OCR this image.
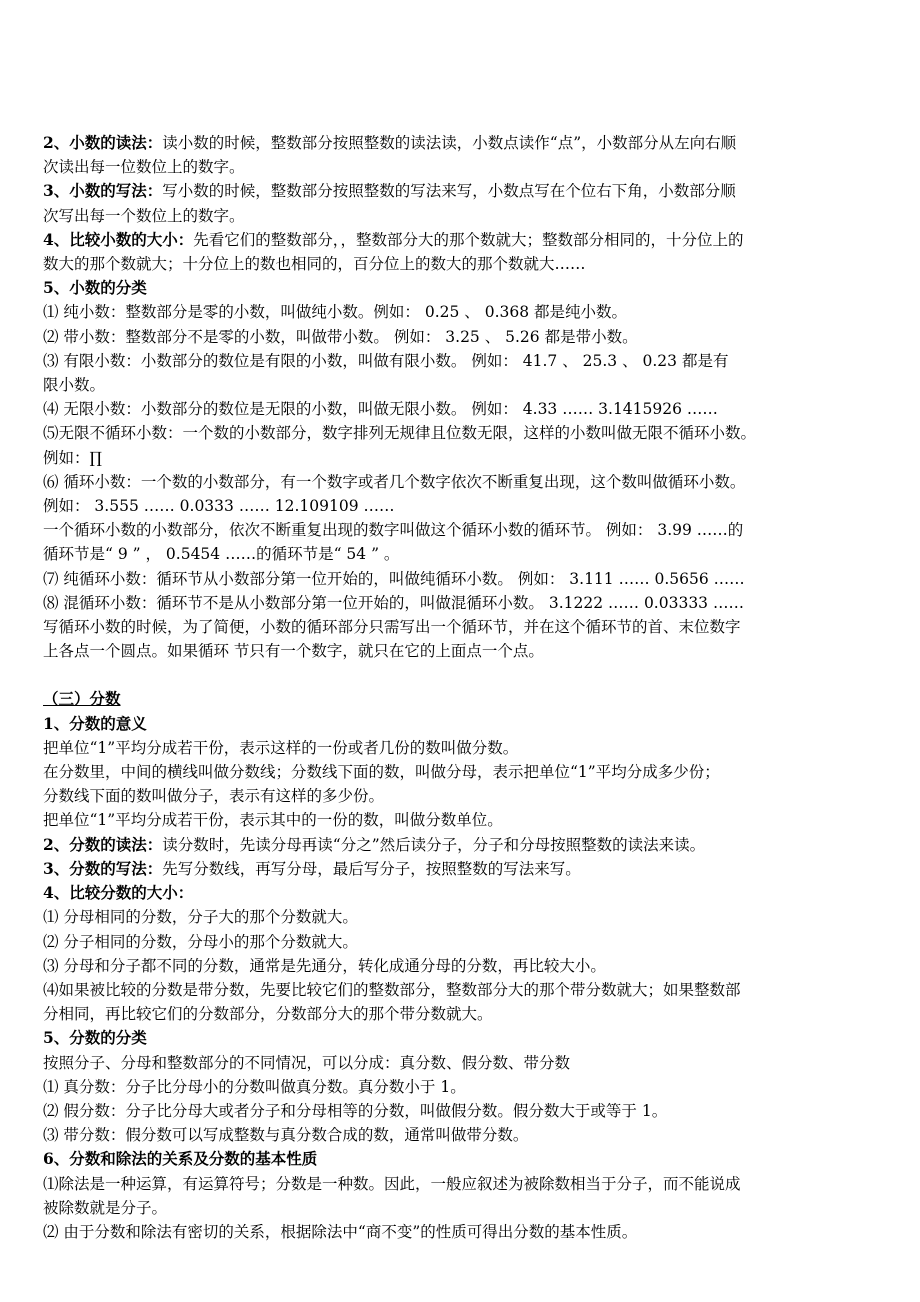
2、小数的读法：读小数的时候，整数部分按照整数的读法读，小数点读作“点”，小数部分从左向右顺
次读出每一位数位上的数字。
3、小数的写法：写小数的时候，整数部分按照整数的写法来写，小数点写在个位右下角，小数部分顺
次写出每一个数位上的数字。
4、比较小数的大小：先看它们的整数部分，，整数部分大的那个数就大；整数部分相同的，十分位上的
数大的那个数就大；十分位上的数也相同的，百分位上的数大的那个数就大……
5、小数的分类
⑴ 纯小数：整数部分是零的小数，叫做纯小数。例如： 0.25 、 0.368 都是纯小数。
⑵ 带小数：整数部分不是零的小数，叫做带小数。 例如： 3.25 、 5.26 都是带小数。
⑶ 有限小数：小数部分的数位是有限的小数，叫做有限小数。 例如： 41.7 、 25.3 、 0.23 都是有
限小数。
⑷ 无限小数：小数部分的数位是无限的小数，叫做无限小数。 例如： 4.33 …… 3.1415926 ……
⑸无限不循环小数：一个数的小数部分，数字排列无规律且位数无限，这样的小数叫做无限不循环小数。
例如：∏
⑹ 循环小数：一个数的小数部分，有一个数字或者几个数字依次不断重复出现，这个数叫做循环小数。
例如： 3.555 …… 0.0333 …… 12.109109 ……
一个循环小数的小数部分，依次不断重复出现的数字叫做这个循环小数的循环节。 例如： 3.99 ……的
循环节是“ 9 ” ， 0.5454 ……的循环节是“ 54 ” 。
⑺ 纯循环小数：循环节从小数部分第一位开始的，叫做纯循环小数。 例如： 3.111 …… 0.5656 ……
⑻ 混循环小数：循环节不是从小数部分第一位开始的，叫做混循环小数。 3.1222 …… 0.03333 ……
写循环小数的时候，为了简便，小数的循环部分只需写出一个循环节，并在这个循环节的首、末位数字
上各点一个圆点。如果循环 节只有一个数字，就只在它的上面点一个点。
（三）分数
1、分数的意义
把单位“1”平均分成若干份，表示这样的一份或者几份的数叫做分数。
在分数里，中间的横线叫做分数线；分数线下面的数，叫做分母，表示把单位“1”平均分成多少份；
分数线下面的数叫做分子，表示有这样的多少份。
把单位“1”平均分成若干份，表示其中的一份的数，叫做分数单位。
2、分数的读法：读分数时，先读分母再读“分之”然后读分子，分子和分母按照整数的读法来读。
3、分数的写法：先写分数线，再写分母，最后写分子，按照整数的写法来写。
4、比较分数的大小：
⑴ 分母相同的分数，分子大的那个分数就大。
⑵ 分子相同的分数，分母小的那个分数就大。
⑶ 分母和分子都不同的分数，通常是先通分，转化成通分母的分数，再比较大小。
⑷如果被比较的分数是带分数，先要比较它们的整数部分，整数部分大的那个带分数就大；如果整数部
分相同，再比较它们的分数部分，分数部分大的那个带分数就大。
5、分数的分类
按照分子、分母和整数部分的不同情况，可以分成：真分数、假分数、带分数
⑴ 真分数：分子比分母小的分数叫做真分数。真分数小于 1。
⑵ 假分数：分子比分母大或者分子和分母相等的分数，叫做假分数。假分数大于或等于 1。
⑶ 带分数：假分数可以写成整数与真分数合成的数，通常叫做带分数。
6、分数和除法的关系及分数的基本性质
⑴除法是一种运算，有运算符号；分数是一种数。因此，一般应叙述为被除数相当于分子，而不能说成
被除数就是分子。
⑵ 由于分数和除法有密切的关系，根据除法中“商不变”的性质可得出分数的基本性质。
